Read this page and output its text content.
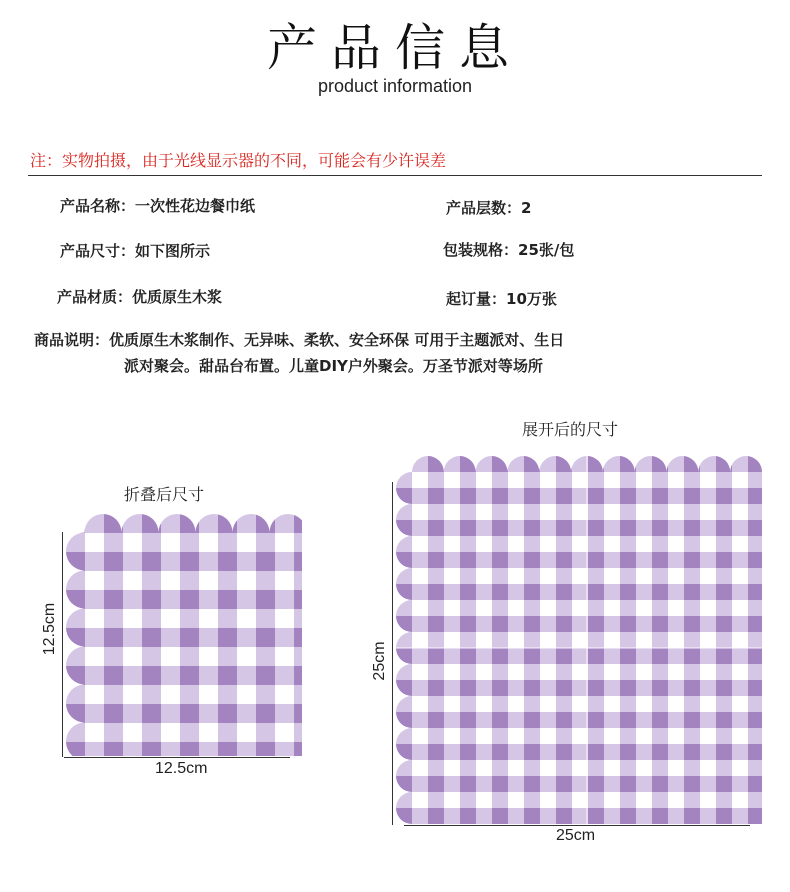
产品信息
product information
注：实物拍摄，由于光线显示器的不同，可能会有少许误差
产品名称：一次性花边餐巾纸	产品层数：2
产品尺寸：如下图所示	包装规格：25张/包
产品材质：优质原生木浆	起订量：10万张
商品说明：优质原生木浆制作、无异味、柔软、安全环保 可用于主题派对、生日
派对聚会。甜品台布置。儿童DIY户外聚会。万圣节派对等场所
折叠后尺寸
12.5cm
12.5cm
展开后的尺寸
25cm
25cm
